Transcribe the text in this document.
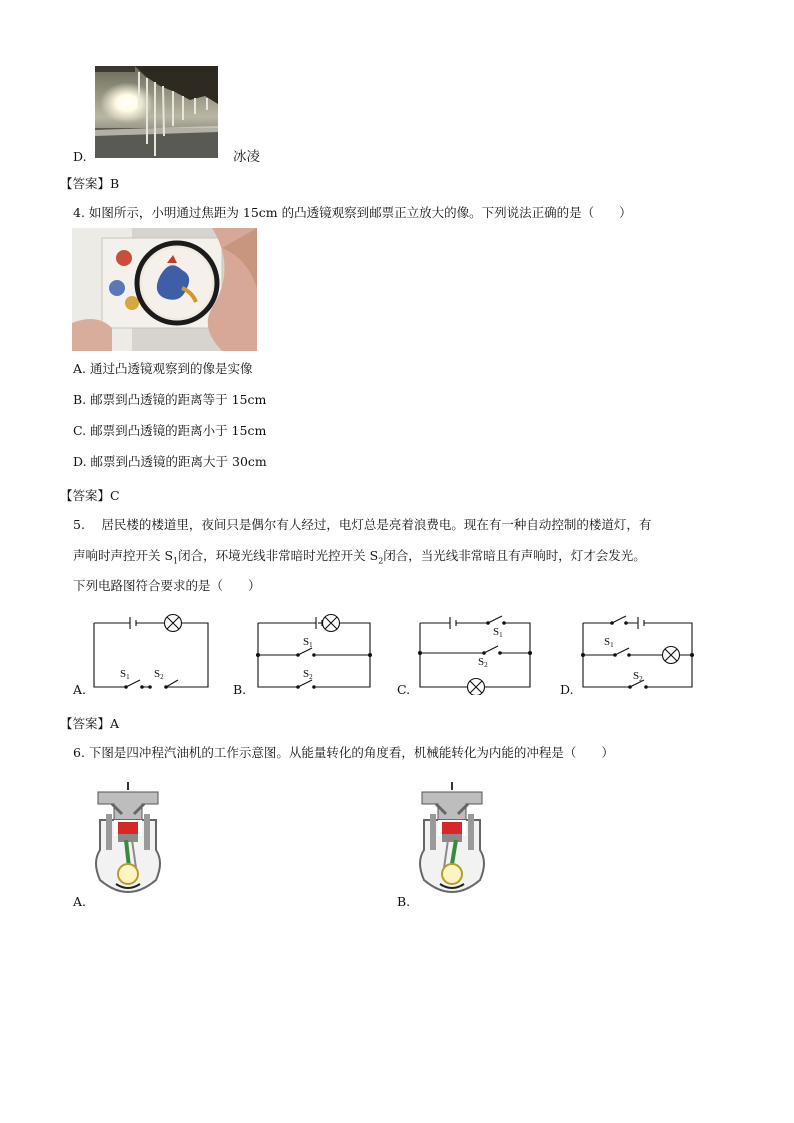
D.	冰凌
【答案】B
4. 如图所示，小明通过焦距为 15cm 的凸透镜观察到邮票正立放大的像。下列说法正确的是（　　）
A. 通过凸透镜观察到的像是实像
B. 邮票到凸透镜的距离等于 15cm
C. 邮票到凸透镜的距离小于 15cm
D. 邮票到凸透镜的距离大于 30cm
【答案】C
5.　 居民楼的楼道里，夜间只是偶尔有人经过，电灯总是亮着浪费电。现在有一种自动控制的楼道灯，有
声响时声控开关 $S_1$闭合，环境光线非常暗时光控开关 $S_2$闭合，当光线非常暗且有声响时，灯才会发光。
下列电路图符合要求的是（　　）
S1 S2
S1
S2
S1
S2
S1
S2
A.	B.	C.	D.
【答案】A
6. 下图是四冲程汽油机的工作示意图。从能量转化的角度看，机械能转化为内能的冲程是（　　）
A.	B.
